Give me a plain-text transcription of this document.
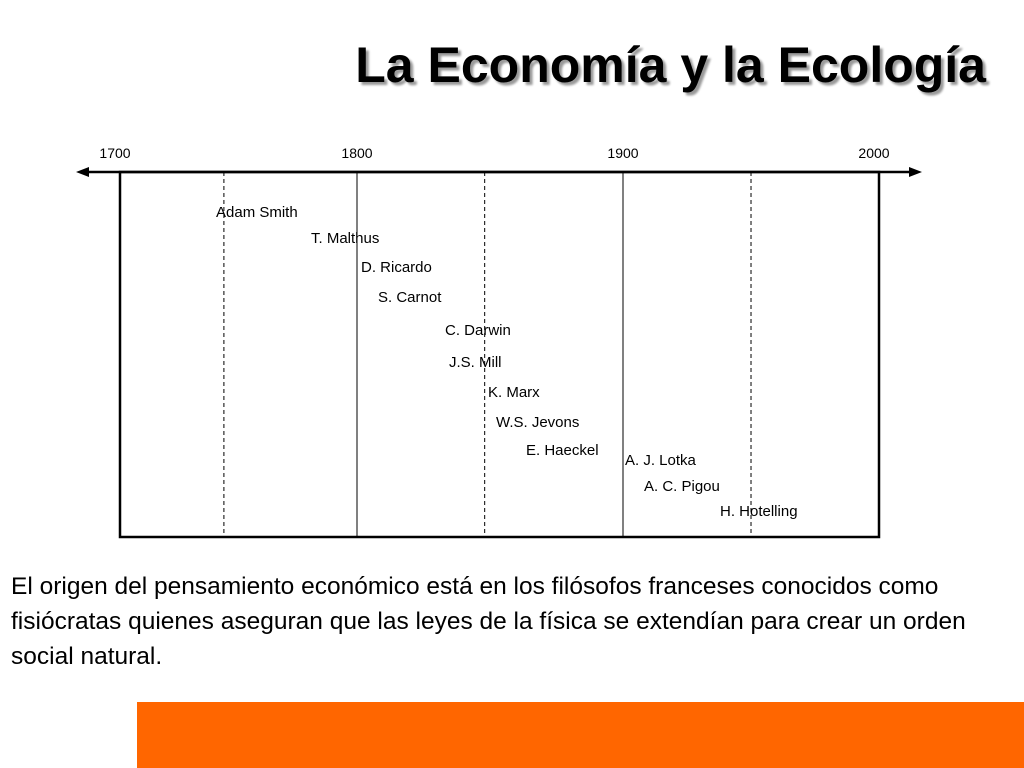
La Economía y la Ecología
1700	1800	1900	2000
Adam Smith
T. Malthus
D. Ricardo
S. Carnot
C. Darwin
J.S. Mill
K. Marx
W.S. Jevons
E. Haeckel
A. J. Lotka
A. C. Pigou
H. Hotelling
El origen del pensamiento económico está en los filósofos franceses conocidos como fisiócratas quienes aseguran que las leyes de la física se extendían para crear un orden social natural.
